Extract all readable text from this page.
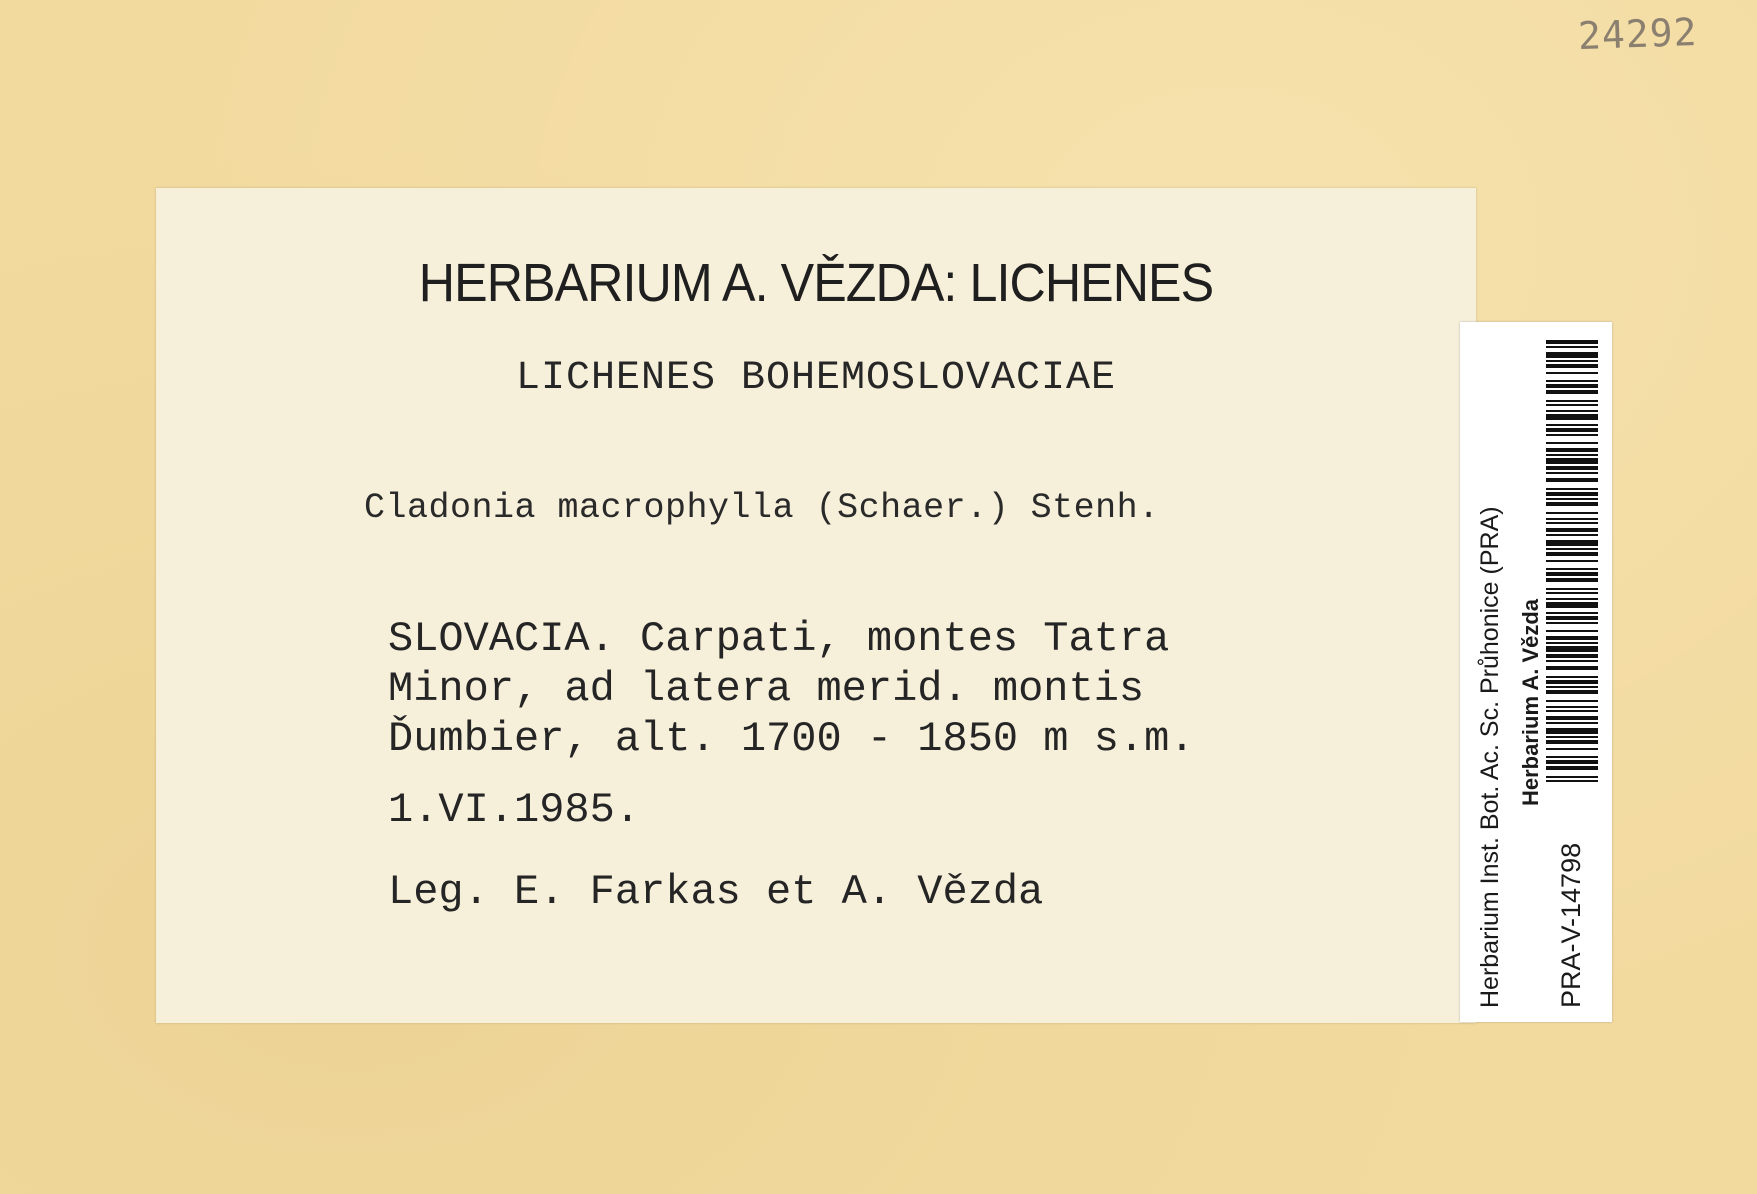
24292
HERBARIUM A. VĚZDA: LICHENES
LICHENES BOHEMOSLOVACIAE
Cladonia macrophylla (Schaer.) Stenh.
SLOVACIA. Carpati, montes Tatra
Minor, ad latera merid. montis
Ďumbier, alt. 1700 - 1850 m s.m.
1.VI.1985.
Leg. E. Farkas et A. Vězda	Herbarium Inst. Bot. Ac. Sc. Průhonice (PRA) Herbarium A. Vězda
PRA-V-14798
